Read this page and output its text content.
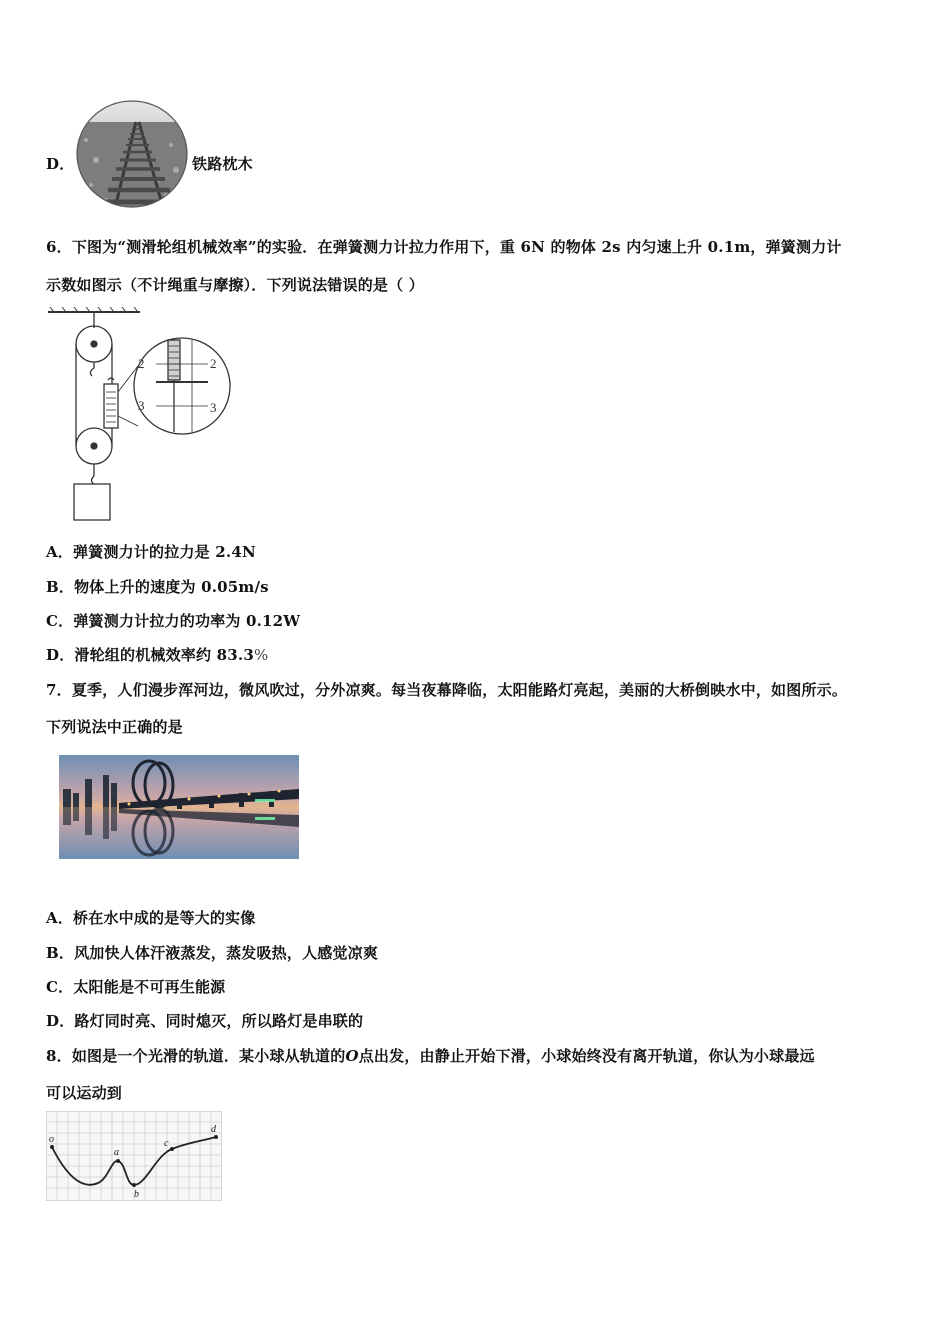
D．	铁路枕木
6．下图为“测滑轮组机械效率”的实验．在弹簧测力计拉力作用下，重 6N 的物体 2s 内匀速上升 0.1m，弹簧测力计
示数如图示（不计绳重与摩擦）．下列说法错误的是（ ）
2	2
3	3
A．弹簧测力计的拉力是 2.4N
B．物体上升的速度为 0.05m/s
C．弹簧测力计拉力的功率为 0.12W
D．滑轮组的机械效率约 83.3%
7．夏季，人们漫步浑河边，微风吹过，分外凉爽。每当夜幕降临，太阳能路灯亮起，美丽的大桥倒映水中，如图所示。
下列说法中正确的是
A．桥在水中成的是等大的实像
B．风加快人体汗液蒸发，蒸发吸热，人感觉凉爽
C．太阳能是不可再生能源
D．路灯同时亮、同时熄灭，所以路灯是串联的
8．如图是一个光滑的轨道．某小球从轨道的O点出发，由静止开始下滑，小球始终没有离开轨道，你认为小球最远
可以运动到
o
a
b
c
d
